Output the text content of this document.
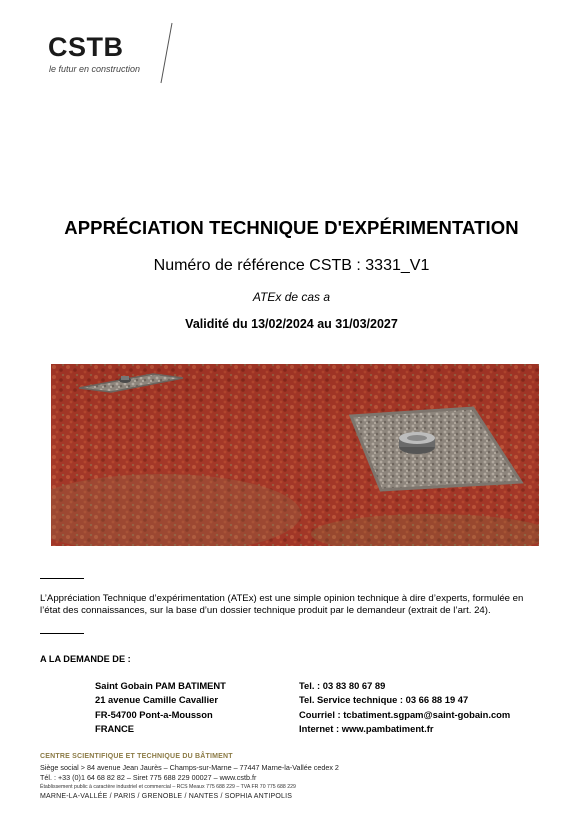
CSTB
le futur en construction
APPRÉCIATION TECHNIQUE D'EXPÉRIMENTATION
Numéro de référence CSTB : 3331_V1
ATEx de cas a
Validité du 13/02/2024 au 31/03/2027
L’Appréciation Technique d’expérimentation (ATEx) est une simple opinion technique à dire d’experts, formulée en
l’état des connaissances, sur la base d’un dossier technique produit par le demandeur (extrait de l’art. 24).
A LA DEMANDE DE :
Saint Gobain PAM BATIMENT
21 avenue Camille Cavallier
FR-54700 Pont-a-Mousson
FRANCE
Tel. : 03 83 80 67 89
Tel. Service technique : 03 66 88 19 47
Courriel : tcbatiment.sgpam@saint-gobain.com
Internet : www.pambatiment.fr
CENTRE SCIENTIFIQUE ET TECHNIQUE DU BÂTIMENT
Siège social > 84 avenue Jean Jaurès – Champs-sur-Marne – 77447 Marne-la-Vallée cedex 2
Tél. : +33 (0)1 64 68 82 82 – Siret 775 688 229 00027 – www.cstb.fr
Établissement public à caractère industriel et commercial – RCS Meaux 775 688 229 – TVA FR 70 775 688 229
MARNE-LA-VALLÉE / PARIS / GRENOBLE / NANTES / SOPHIA ANTIPOLIS
